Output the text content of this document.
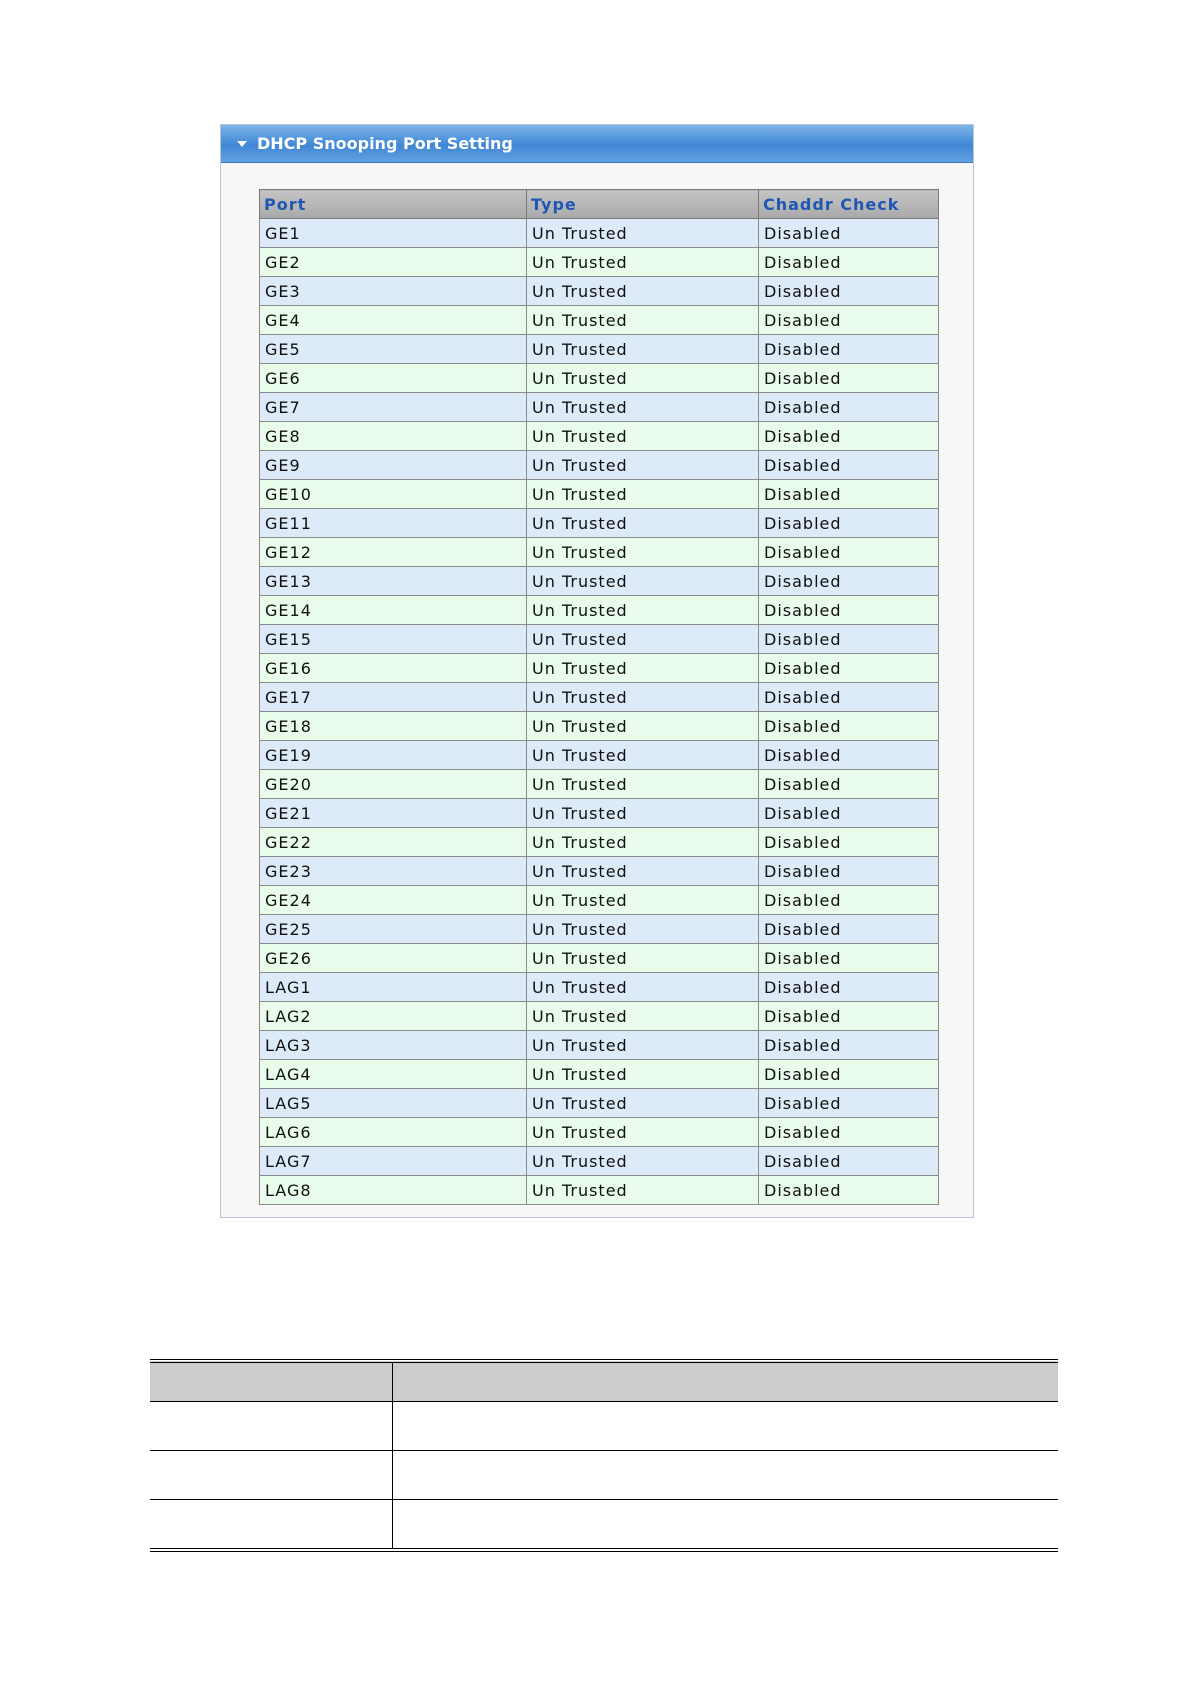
DHCP Snooping Port Setting
Port	Type	Chaddr Check
GE1	Un Trusted	Disabled
GE2	Un Trusted	Disabled
GE3	Un Trusted	Disabled
GE4	Un Trusted	Disabled
GE5	Un Trusted	Disabled
GE6	Un Trusted	Disabled
GE7	Un Trusted	Disabled
GE8	Un Trusted	Disabled
GE9	Un Trusted	Disabled
GE10	Un Trusted	Disabled
GE11	Un Trusted	Disabled
GE12	Un Trusted	Disabled
GE13	Un Trusted	Disabled
GE14	Un Trusted	Disabled
GE15	Un Trusted	Disabled
GE16	Un Trusted	Disabled
GE17	Un Trusted	Disabled
GE18	Un Trusted	Disabled
GE19	Un Trusted	Disabled
GE20	Un Trusted	Disabled
GE21	Un Trusted	Disabled
GE22	Un Trusted	Disabled
GE23	Un Trusted	Disabled
GE24	Un Trusted	Disabled
GE25	Un Trusted	Disabled
GE26	Un Trusted	Disabled
LAG1	Un Trusted	Disabled
LAG2	Un Trusted	Disabled
LAG3	Un Trusted	Disabled
LAG4	Un Trusted	Disabled
LAG5	Un Trusted	Disabled
LAG6	Un Trusted	Disabled
LAG7	Un Trusted	Disabled
LAG8	Un Trusted	Disabled
